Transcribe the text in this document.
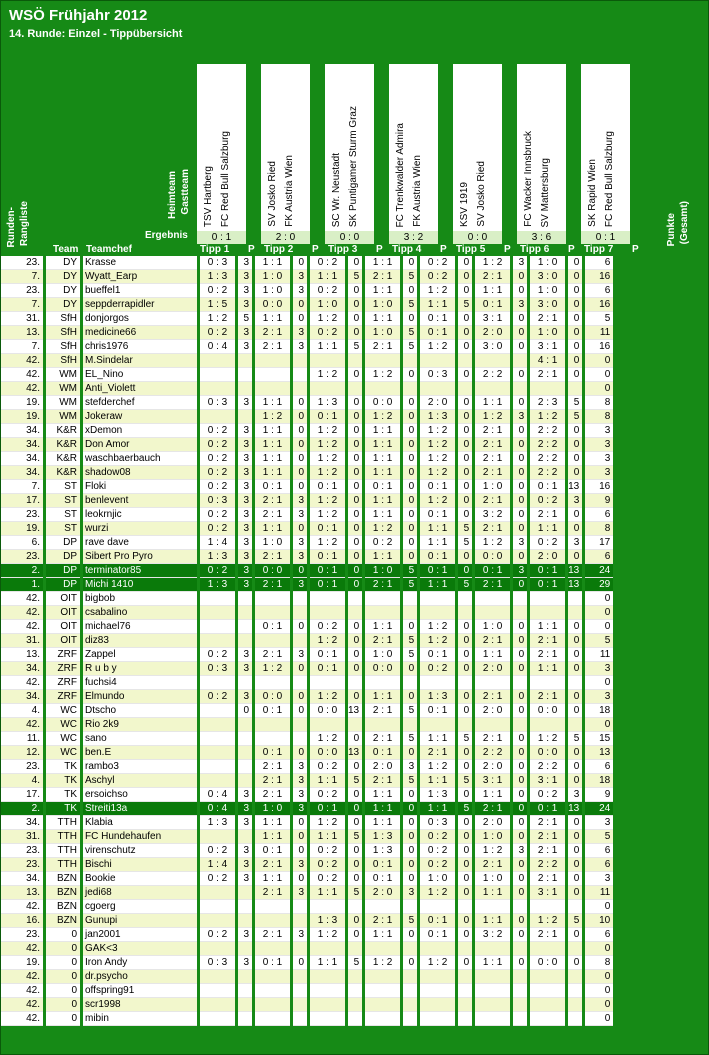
WSÖ Frühjahr 2012
14. Runde: Einzel - Tippübersicht
Heimteam Gastteam
Ergebnis
Runden- Rangliste
Team Teamchef
Punkte (Gesamt)
TSV Hartberg FC Red Bull Salzburg
0 : 1
Tipp 1 P
SV Josko Ried FK Austria Wien
2 : 0
Tipp 2 P
SC Wr. Neustadt SK Puntigamer Sturm Graz
0 : 0
Tipp 3 P
FC Trenkwalder Admira FK Austria Wien
3 : 2
Tipp 4 P
KSV 1919 SV Josko Ried
0 : 0
Tipp 5 P
FC Wacker Innsbruck SV Mattersburg
3 : 6
Tipp 6 P
SK Rapid Wien FC Red Bull Salzburg
0 : 1
Tipp 7 P
23.		DY		Krasse		0 : 3		3		1 : 1		0		0 : 2		0		1 : 1		0		0 : 2		0		1 : 2		3		1 : 0		0		6	
7.		DY		Wyatt_Earp		1 : 3		3		1 : 0		3		1 : 1		5		2 : 1		5		0 : 2		0		2 : 1		0		3 : 0		0		16	
23.		DY		bueffel1		0 : 2		3		1 : 0		3		0 : 2		0		1 : 1		0		1 : 2		0		1 : 1		0		1 : 0		0		6	
7.		DY		seppderrapidler		1 : 5		3		0 : 0		0		1 : 0		0		1 : 0		5		1 : 1		5		0 : 1		3		3 : 0		0		16	
31.		SfH		donjorgos		1 : 2		5		1 : 1		0		1 : 2		0		1 : 1		0		0 : 1		0		3 : 1		0		2 : 1		0		5	
13.		SfH		medicine66		0 : 2		3		2 : 1		3		0 : 2		0		1 : 0		5		0 : 1		0		2 : 0		0		1 : 0		0		11	
7.		SfH		chris1976		0 : 4		3		2 : 1		3		1 : 1		5		2 : 1		5		1 : 2		0		3 : 0		0		3 : 1		0		16	
42.		SfH		M.Sindelar																										4 : 1		0		0	
42.		WM		EL_Nino										1 : 2		0		1 : 2		0		0 : 3		0		2 : 2		0		2 : 1		0		0	
42.		WM		Anti_Violett																														0	
19.		WM		stefderchef		0 : 3		3		1 : 1		0		1 : 3		0		0 : 0		0		2 : 0		0		1 : 1		0		2 : 3		5		8	
19.		WM		Jokeraw						1 : 2		0		0 : 1		0		1 : 2		0		1 : 3		0		1 : 2		3		1 : 2		5		8	
34.		K&R		xDemon		0 : 2		3		1 : 1		0		1 : 2		0		1 : 1		0		1 : 2		0		2 : 1		0		2 : 2		0		3	
34.		K&R		Don Amor		0 : 2		3		1 : 1		0		1 : 2		0		1 : 1		0		1 : 2		0		2 : 1		0		2 : 2		0		3	
34.		K&R		waschbaerbauch		0 : 2		3		1 : 1		0		1 : 2		0		1 : 1		0		1 : 2		0		2 : 1		0		2 : 2		0		3	
34.		K&R		shadow08		0 : 2		3		1 : 1		0		1 : 2		0		1 : 1		0		1 : 2		0		2 : 1		0		2 : 2		0		3	
7.		ST		Floki		0 : 2		3		0 : 1		0		0 : 1		0		0 : 1		0		0 : 1		0		1 : 0		0		0 : 1		13		16	
17.		ST		benlevent		0 : 3		3		2 : 1		3		1 : 2		0		1 : 1		0		1 : 2		0		2 : 1		0		0 : 2		3		9	
23.		ST		leokrnjic		0 : 2		3		2 : 1		3		1 : 2		0		1 : 1		0		0 : 1		0		3 : 2		0		2 : 1		0		6	
19.		ST		wurzi		0 : 2		3		1 : 1		0		0 : 1		0		1 : 2		0		1 : 1		5		2 : 1		0		1 : 1		0		8	
6.		DP		rave dave		1 : 4		3		1 : 0		3		1 : 2		0		0 : 2		0		1 : 1		5		1 : 2		3		0 : 2		3		17	
23.		DP		Sibert Pro Pyro		1 : 3		3		2 : 1		3		0 : 1		0		1 : 1		0		0 : 1		0		0 : 0		0		2 : 0		0		6	
2.		DP		terminator85		0 : 2		3		0 : 0		0		0 : 1		0		1 : 0		5		0 : 1		0		0 : 1		3		0 : 1		13		24	
1.		DP		Michi 1410		1 : 3		3		2 : 1		3		0 : 1		0		2 : 1		5		1 : 1		5		2 : 1		0		0 : 1		13		29	
42.		OIT		bigbob																														0	
42.		OIT		csabalino																														0	
42.		OIT		michael76						0 : 1		0		0 : 2		0		1 : 1		0		1 : 2		0		1 : 0		0		1 : 1		0		0	
31.		OIT		diz83										1 : 2		0		2 : 1		5		1 : 2		0		2 : 1		0		2 : 1		0		5	
13.		ZRF		Zappel		0 : 2		3		2 : 1		3		0 : 1		0		1 : 0		5		0 : 1		0		1 : 1		0		2 : 1		0		11	
34.		ZRF		R u b y		0 : 3		3		1 : 2		0		0 : 1		0		0 : 0		0		0 : 2		0		2 : 0		0		1 : 1		0		3	
42.		ZRF		fuchsi4																														0	
34.		ZRF		Elmundo		0 : 2		3		0 : 0		0		1 : 2		0		1 : 1		0		1 : 3		0		2 : 1		0		2 : 1		0		3	
4.		WC		Dtscho				0		0 : 1		0		0 : 0		13		2 : 1		5		0 : 1		0		2 : 0		0		0 : 0		0		18	
42.		WC		Rio 2k9																														0	
11.		WC		sano										1 : 2		0		2 : 1		5		1 : 1		5		2 : 1		0		1 : 2		5		15	
12.		WC		ben.E						0 : 1		0		0 : 0		13		0 : 1		0		2 : 1		0		2 : 2		0		0 : 0		0		13	
23.		TK		rambo3						2 : 1		3		0 : 2		0		2 : 0		3		1 : 2		0		2 : 0		0		2 : 2		0		6	
4.		TK		Aschyl						2 : 1		3		1 : 1		5		2 : 1		5		1 : 1		5		3 : 1		0		3 : 1		0		18	
17.		TK		ersoichso		0 : 4		3		2 : 1		3		0 : 2		0		1 : 1		0		1 : 3		0		1 : 1		0		0 : 2		3		9	
2.		TK		Streiti13a		0 : 4		3		1 : 0		3		0 : 1		0		1 : 1		0		1 : 1		5		2 : 1		0		0 : 1		13		24	
34.		TTH		Klabia		1 : 3		3		1 : 1		0		1 : 2		0		1 : 1		0		0 : 3		0		2 : 0		0		2 : 1		0		3	
31.		TTH		FC Hundehaufen						1 : 1		0		1 : 1		5		1 : 3		0		0 : 2		0		1 : 0		0		2 : 1		0		5	
23.		TTH		virenschutz		0 : 2		3		0 : 1		0		0 : 2		0		1 : 3		0		0 : 2		0		1 : 2		3		2 : 1		0		6	
23.		TTH		Bischi		1 : 4		3		2 : 1		3		0 : 2		0		0 : 1		0		0 : 2		0		2 : 1		0		2 : 2		0		6	
34.		BZN		Bookie		0 : 2		3		1 : 1		0		0 : 2		0		0 : 1		0		1 : 0		0		1 : 0		0		2 : 1		0		3	
13.		BZN		jedi68						2 : 1		3		1 : 1		5		2 : 0		3		1 : 2		0		1 : 1		0		3 : 1		0		11	
42.		BZN		cgoerg																														0	
16.		BZN		Gunupi										1 : 3		0		2 : 1		5		0 : 1		0		1 : 1		0		1 : 2		5		10	
23.		0		jan2001		0 : 2		3		2 : 1		3		1 : 2		0		1 : 1		0		0 : 1		0		3 : 2		0		2 : 1		0		6	
42.		0		GAK<3																														0	
19.		0		Iron Andy		0 : 3		3		0 : 1		0		1 : 1		5		1 : 2		0		1 : 2		0		1 : 1		0		0 : 0		0		8	
42.		0		dr.psycho																														0	
42.		0		offspring91																														0	
42.		0		scr1998																														0	
42.		0		mibin																														0	
